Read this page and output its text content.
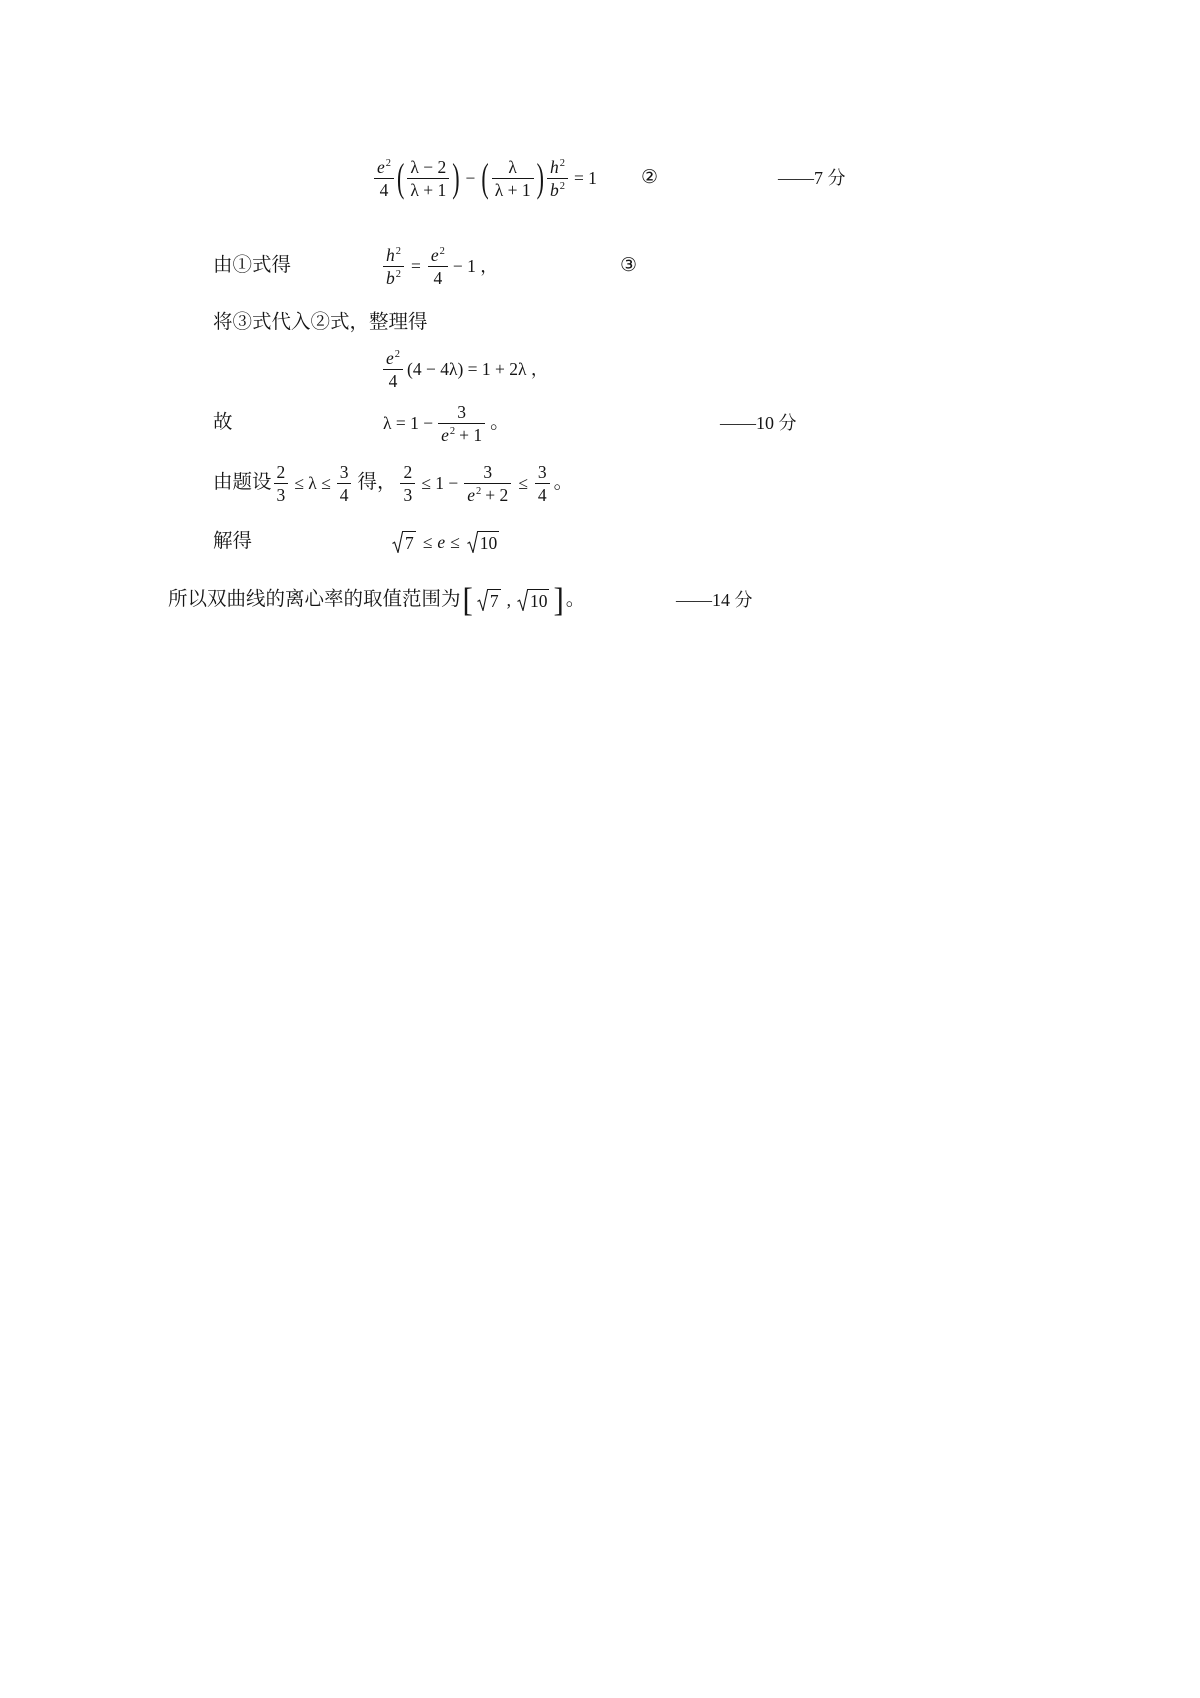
$\frac{e^2}{4}$ ( $\frac{\lambda - 2}{\lambda + 1}$ ) − ( $\frac{\lambda}{\lambda + 1}$ ) $\frac{h^2}{b^2} = 1$ ②	——7 分
由①式得	$\frac{h^2}{b^2} = \frac{e^2}{4} - 1$ ，	③
将③式代入②式，整理得
$\frac{e^2}{4} (4 - 4\lambda) = 1 + 2\lambda$ ，
故	$\lambda = 1 - \frac{3}{e^2 + 1}$ 。	——10 分
由题设 $\frac{2}{3} \le \lambda \le \frac{3}{4}$ 得， $\frac{2}{3} \le 1 - \frac{3}{e^2 + 2} \le \frac{3}{4}$ 。
解得	7 ≤ e ≤ 10
所以双曲线的离心率的取值范围为 [ 7 , 10 ] 。	——14 分
